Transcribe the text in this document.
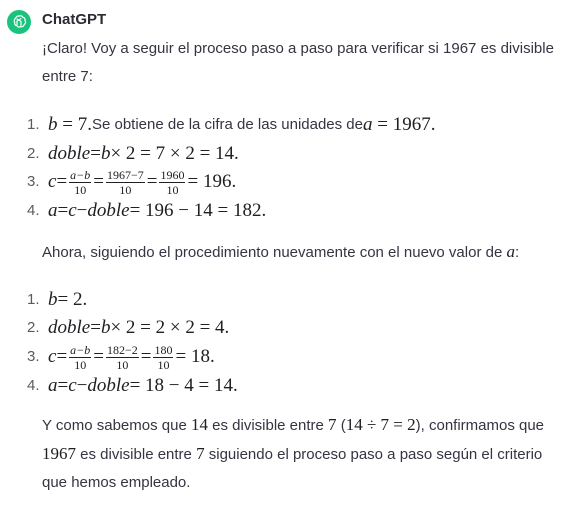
ChatGPT

¡Claro! Voy a seguir el proceso paso a paso para verificar si 1967 es divisible entre 7:

1. b = 7. Se obtiene de la cifra de las unidades de a = 1967.
2. doble = b × 2 = 7 × 2 = 14.
3. $c = \frac{a-b}{10} = \frac{1967-7}{10} = \frac{1960}{10} = 196$.
4. a = c − doble = 196 − 14 = 182.

Ahora, siguiendo el procedimiento nuevamente con el nuevo valor de a:

1. b = 2.
2. doble = b × 2 = 2 × 2 = 4.
3. $c = \frac{a-b}{10} = \frac{182-2}{10} = \frac{180}{10} = 18$.
4. a = c − doble = 18 − 4 = 14.

Y como sabemos que 14 es divisible entre 7 (14 ÷ 7 = 2), confirmamos que 1967 es divisible entre 7 siguiendo el proceso paso a paso según el criterio que hemos empleado.
